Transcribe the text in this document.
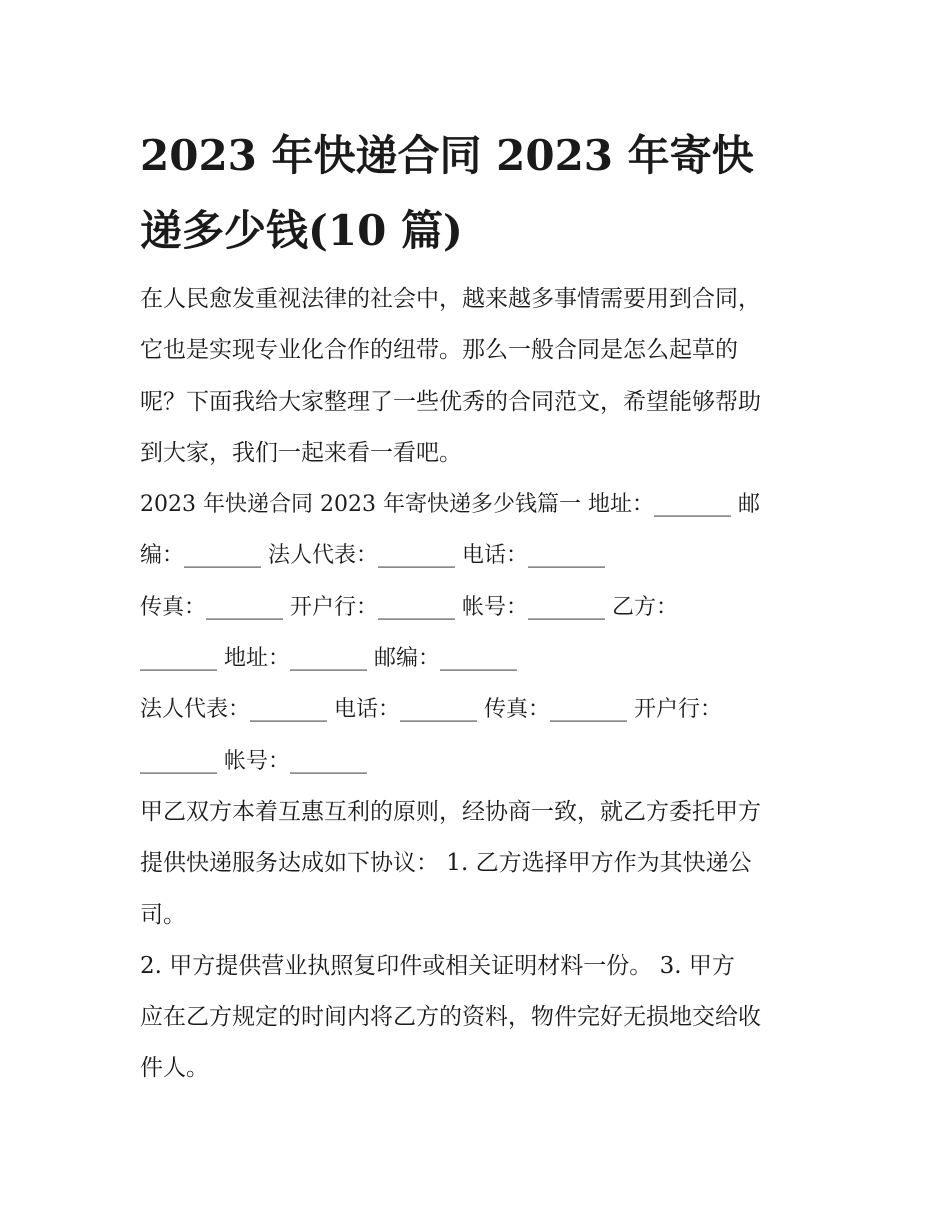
2023 年快递合同 2023 年寄快
递多少钱(10 篇)
在人民愈发重视法律的社会中，越来越多事情需要用到合同，
它也是实现专业化合作的纽带。那么一般合同是怎么起草的
呢？下面我给大家整理了一些优秀的合同范文，希望能够帮助
到大家，我们一起来看一看吧。
2023 年快递合同 2023 年寄快递多少钱篇一 地址：_______ 邮
编：_______ 法人代表：_______ 电话：_______
传真：_______ 开户行：_______ 帐号：_______ 乙方：
_______ 地址：_______ 邮编：_______
法人代表：_______ 电话：_______ 传真：_______ 开户行：
_______ 帐号：_______
甲乙双方本着互惠互利的原则，经协商一致，就乙方委托甲方
提供快递服务达成如下协议： 1. 乙方选择甲方作为其快递公
司。
2. 甲方提供营业执照复印件或相关证明材料一份。 3. 甲方
应在乙方规定的时间内将乙方的资料，物件完好无损地交给收
件人。
